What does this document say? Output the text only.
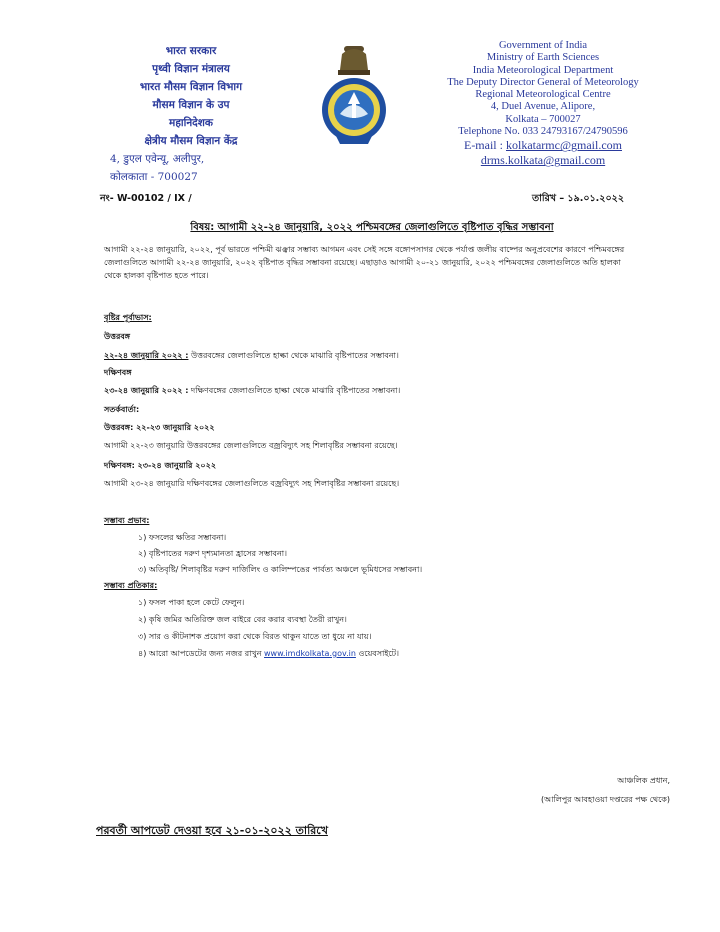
भारत सरकार
पृथ्वी विज्ञान मंत्रालय
भारत मौसम विज्ञान विभाग
मौसम विज्ञान के उप
महानिदेशक
क्षेत्रीय मौसम विज्ञान केंद्र
4, डुएल एवेन्यू, अलीपुर,
कोलकाता - 700027
Government of India
Ministry of Earth Sciences
India Meteorological Department
The Deputy Director General of Meteorology
Regional Meteorological Centre
4, Duel Avenue, Alipore,
Kolkata – 700027
Telephone No. 033 24793167/24790596
E-mail : kolkatarmc@gmail.com
drms.kolkata@gmail.com
নং- W-00102 / IX /	তারিখ – ১৯.০১.২০২২
বিষয়: আগামী ২২-২৪ জানুয়ারি, ২০২২ পশ্চিমবঙ্গের জেলাগুলিতে বৃষ্টিপাত বৃদ্ধির সম্ভাবনা
আগামী ২২-২৪ জানুয়ারি, ২০২২, পূর্ব ভারতে পশ্চিমী ঝঞ্ঝার সম্ভাব্য আগমন এবং সেই সঙ্গে বঙ্গোপসাগর থেকে পর্যাপ্ত জলীয় বাষ্পের অনুপ্রবেশের কারণে পশ্চিমবঙ্গের জেলাগুলিতে আগামী ২২-২৪ জানুয়ারি, ২০২২ বৃষ্টিপাত বৃদ্ধির সম্ভাবনা রয়েছে। এছাড়াও আগামী ২০-২১ জানুয়ারি, ২০২২ পশ্চিমবঙ্গের জেলাগুলিতে অতি হালকা থেকে হালকা বৃষ্টিপাত হতে পারে।
বৃষ্টির পূর্বাভাস:
উত্তরবঙ্গ
২২-২৪ জানুয়ারি ২০২২ : উত্তরবঙ্গের জেলাগুলিতে হাল্কা থেকে মাঝারি বৃষ্টিপাতের সম্ভাবনা।
দক্ষিণবঙ্গ
২৩-২৪ জানুয়ারি ২০২২ : দক্ষিণবঙ্গের জেলাগুলিতে হাল্কা থেকে মাঝারি বৃষ্টিপাতের সম্ভাবনা।
সতর্কবার্তা:
উত্তরবঙ্গ: ২২-২৩ জানুয়ারি ২০২২
আগামী ২২-২৩ জানুয়ারি উত্তরবঙ্গের জেলাগুলিতে বজ্রবিদ্যুৎ সহ শিলাবৃষ্টির সম্ভাবনা রয়েছে।
দক্ষিণবঙ্গ: ২৩-২৪ জানুয়ারি ২০২২
আগামী ২৩-২৪ জানুয়ারি দক্ষিণবঙ্গের জেলাগুলিতে বজ্রবিদ্যুৎ সহ শিলাবৃষ্টির সম্ভাবনা রয়েছে।
সম্ভাব্য প্রভাব:
১) ফসলের ক্ষতির সম্ভাবনা।
২) বৃষ্টিপাতের দরুণ দৃশ্যমানতা হ্রাসের সম্ভাবনা।
৩) অতিবৃষ্টি/ শিলাবৃষ্টির দরুণ দার্জিলিং ও কালিম্পঙের পার্বত্য অঞ্চলে ভূমিধসের সম্ভাবনা।
সম্ভাব্য প্রতিকার:
১) ফসল পাকা হলে কেটে ফেলুন।
২) কৃষি জমির অতিরিক্ত জল বাইরে বের করার ব্যবস্থা তৈরী রাখুন।
৩) সার ও কীটনাশক প্রয়োগ করা থেকে বিরত থাকুন যাতে তা ধুয়ে না যায়।
৪) আরো আপডেটের জন্য নজর রাখুন www.imdkolkata.gov.in ওয়েবসাইটে।
আঞ্চলিক প্রধান,
(আলিপুর আবহাওয়া দপ্তরের পক্ষ থেকে)
পরবর্তী আপডেট দেওয়া হবে ২১-০১-২০২২ তারিখে
